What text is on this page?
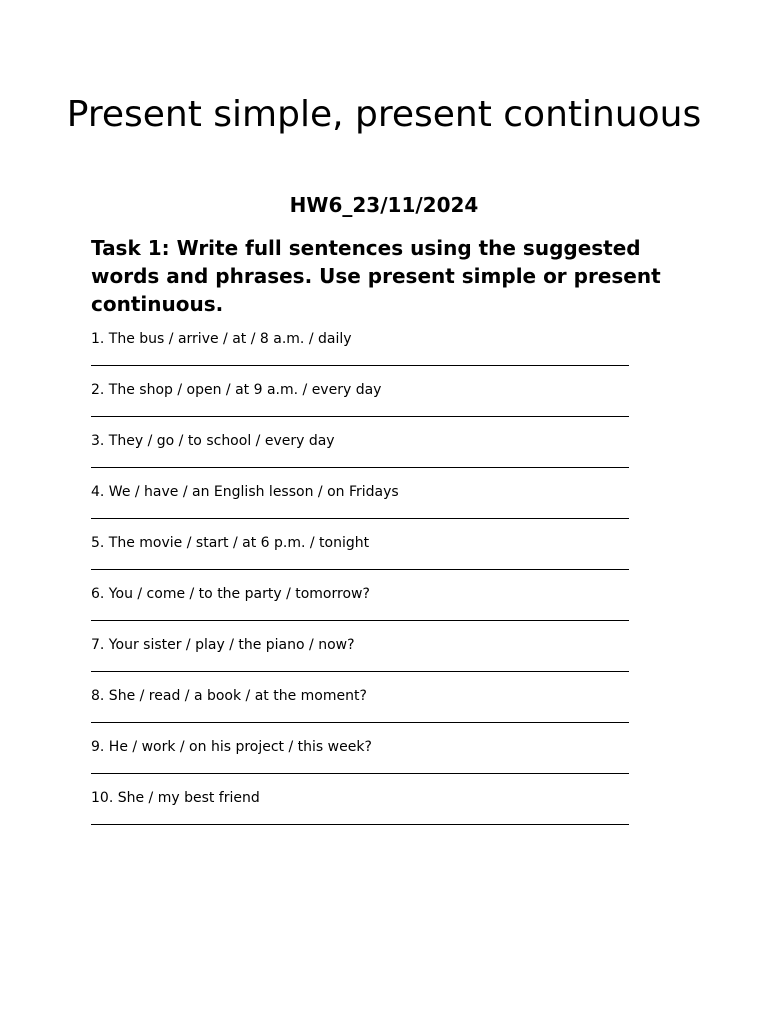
Present simple, present continuous
HW6_23/11/2024

Task 1: Write full sentences using the suggested words and phrases. Use present simple or present continuous.

1. The bus / arrive / at / 8 a.m. / daily
2. The shop / open / at 9 a.m. / every day
3. They / go / to school / every day
4. We / have / an English lesson / on Fridays
5. The movie / start / at 6 p.m. / tonight
6. You / come / to the party / tomorrow?
7. Your sister / play / the piano / now?
8. She / read / a book / at the moment?
9. He / work / on his project / this week?
10. She / my best friend
